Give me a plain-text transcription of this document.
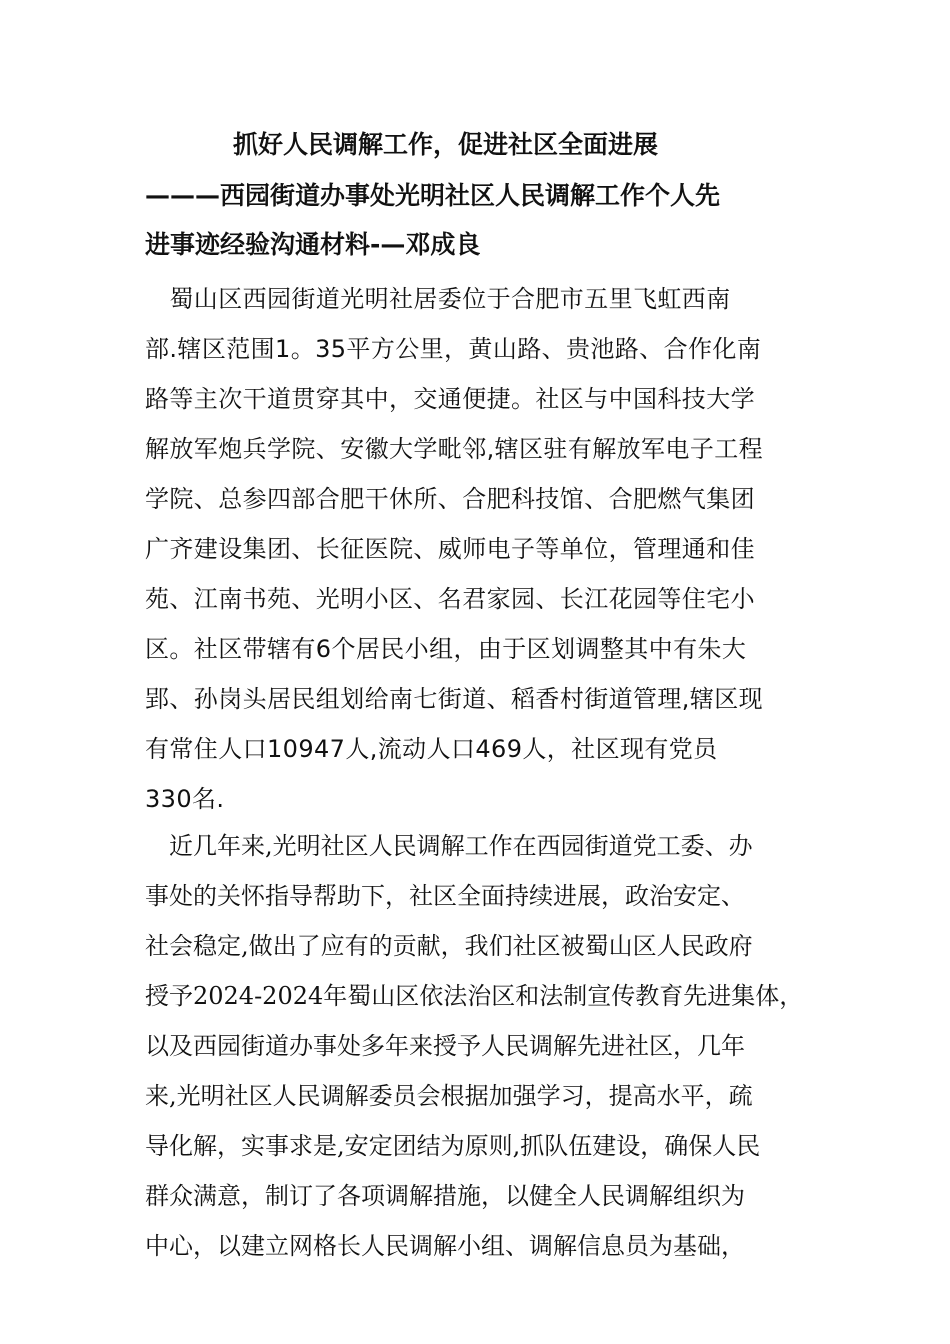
抓好人民调解工作，促进社区全面进展
———西园街道办事处光明社区人民调解工作个人先
进事迹经验沟通材料-—邓成良
　蜀山区西园街道光明社居委位于合肥市五里飞虹西南
部.辖区范围1。35平方公里，黄山路、贵池路、合作化南
路等主次干道贯穿其中，交通便捷。社区与中国科技大学
解放军炮兵学院、安徽大学毗邻,辖区驻有解放军电子工程
学院、总参四部合肥干休所、合肥科技馆、合肥燃气集团
广齐建设集团、长征医院、威师电子等单位，管理通和佳
苑、江南书苑、光明小区、名君家园、长江花园等住宅小
区。社区带辖有6个居民小组，由于区划调整其中有朱大
郢、孙岗头居民组划给南七街道、稻香村街道管理,辖区现
有常住人口10947人,流动人口469人，社区现有党员
330名.
　近几年来,光明社区人民调解工作在西园街道党工委、办
事处的关怀指导帮助下，社区全面持续进展，政治安定、
社会稳定,做出了应有的贡献，我们社区被蜀山区人民政府
授予2024-2024年蜀山区依法治区和法制宣传教育先进集体，
以及西园街道办事处多年来授予人民调解先进社区，几年
来,光明社区人民调解委员会根据加强学习，提高水平，疏
导化解，实事求是,安定团结为原则,抓队伍建设，确保人民
群众满意，制订了各项调解措施，以健全人民调解组织为
中心，以建立网格长人民调解小组、调解信息员为基础，
